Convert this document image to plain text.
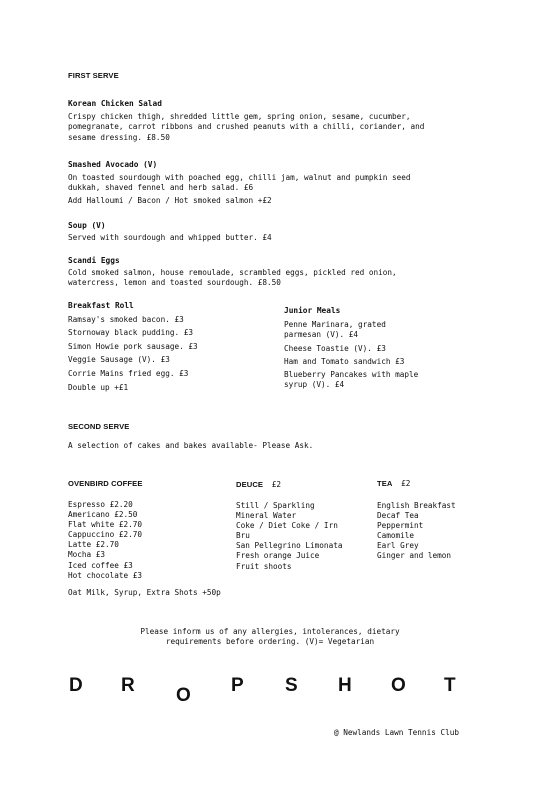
FIRST SERVE
Korean Chicken Salad
Crispy chicken thigh, shredded little gem, spring onion, sesame, cucumber,
pomegranate, carrot ribbons and crushed peanuts with a chilli, coriander, and
sesame dressing. £8.50
Smashed Avocado (V)
On toasted sourdough with poached egg, chilli jam, walnut and pumpkin seed
dukkah, shaved fennel and herb salad. £6
Add Halloumi / Bacon / Hot smoked salmon +£2
Soup (V)
Served with sourdough and whipped butter. £4
Scandi Eggs
Cold smoked salmon, house remoulade, scrambled eggs, pickled red onion,
watercress, lemon and toasted sourdough. £8.50
Breakfast Roll
Ramsay's smoked bacon. £3
Stornoway black pudding. £3
Simon Howie pork sausage. £3
Veggie Sausage (V). £3
Corrie Mains fried egg. £3
Double up +£1
Junior Meals
Penne Marinara, grated
parmesan (V). £4
Cheese Toastie (V). £3
Ham and Tomato sandwich £3
Blueberry Pancakes with maple
syrup (V). £4
SECOND SERVE
A selection of cakes and bakes available- Please Ask.
OVENBIRD COFFEE
Espresso £2.20
Americano £2.50
Flat white £2.70
Cappuccino £2.70
Latte £2.70
Mocha £3
Iced coffee £3
Hot chocolate £3
Oat Milk, Syrup, Extra Shots +50p
DEUCE £2
Still / Sparkling
Mineral Water
Coke / Diet Coke / Irn
Bru
San Pellegrino Limonata
Fresh orange Juice
Fruit shoots
TEA £2
English Breakfast
Decaf Tea
Peppermint
Camomile
Earl Grey
Ginger and lemon
Please inform us of any allergies, intolerances, dietary
requirements before ordering. (V)= Vegetarian
D R O P S H O T
@ Newlands Lawn Tennis Club
